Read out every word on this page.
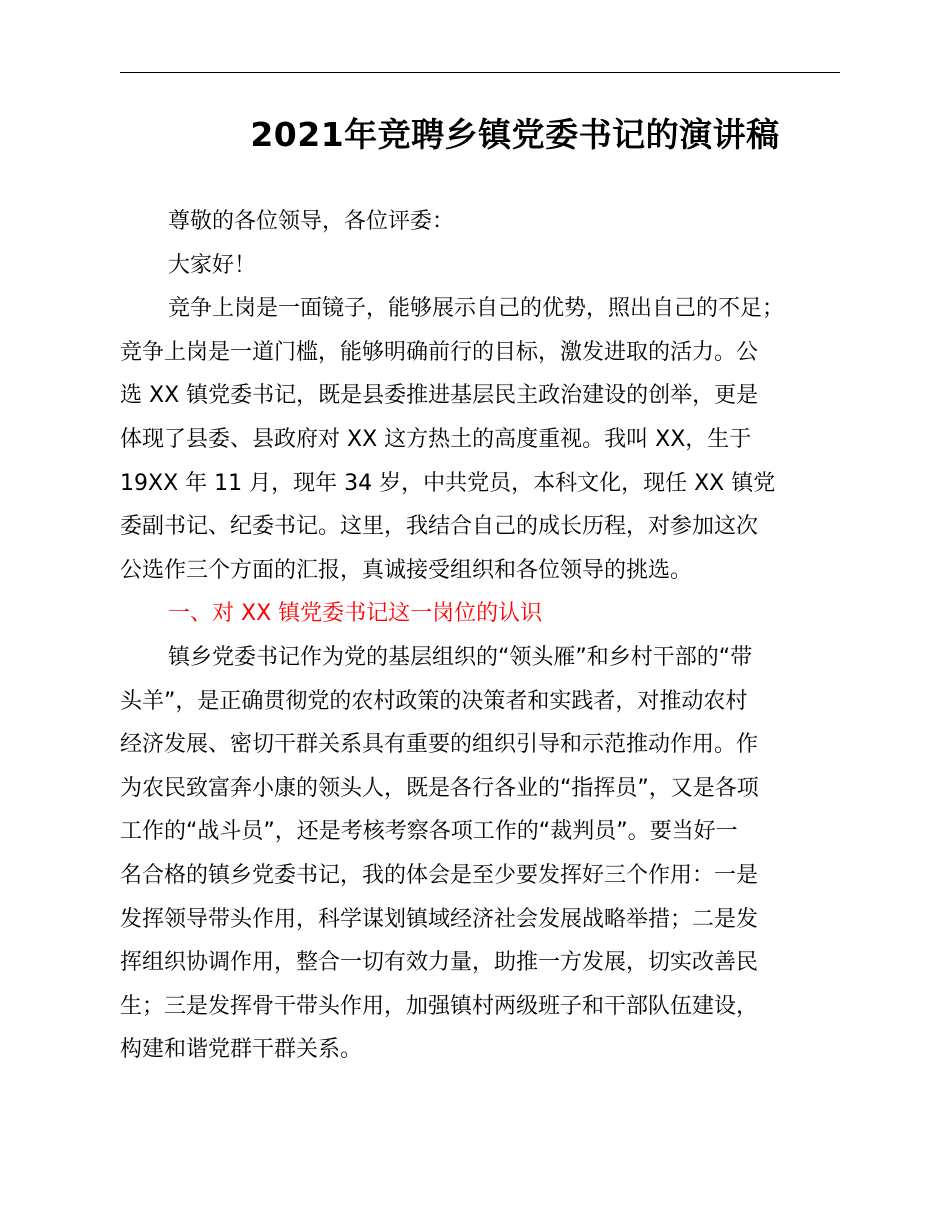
2021年竞聘乡镇党委书记的演讲稿
尊敬的各位领导，各位评委：
大家好！
竞争上岗是一面镜子，能够展示自己的优势，照出自己的不足；
竞争上岗是一道门槛，能够明确前行的目标，激发进取的活力。公
选 XX 镇党委书记，既是县委推进基层民主政治建设的创举，更是
体现了县委、县政府对 XX 这方热土的高度重视。我叫 XX，生于
19XX 年 11 月，现年 34 岁，中共党员，本科文化，现任 XX 镇党
委副书记、纪委书记。这里，我结合自己的成长历程，对参加这次
公选作三个方面的汇报，真诚接受组织和各位领导的挑选。
一、对 XX 镇党委书记这一岗位的认识
镇乡党委书记作为党的基层组织的“领头雁”和乡村干部的“带
头羊”，是正确贯彻党的农村政策的决策者和实践者，对推动农村
经济发展、密切干群关系具有重要的组织引导和示范推动作用。作
为农民致富奔小康的领头人，既是各行各业的“指挥员”，又是各项
工作的“战斗员”，还是考核考察各项工作的“裁判员”。要当好一
名合格的镇乡党委书记，我的体会是至少要发挥好三个作用：一是
发挥领导带头作用，科学谋划镇域经济社会发展战略举措；二是发
挥组织协调作用，整合一切有效力量，助推一方发展，切实改善民
生；三是发挥骨干带头作用，加强镇村两级班子和干部队伍建设，
构建和谐党群干群关系。
